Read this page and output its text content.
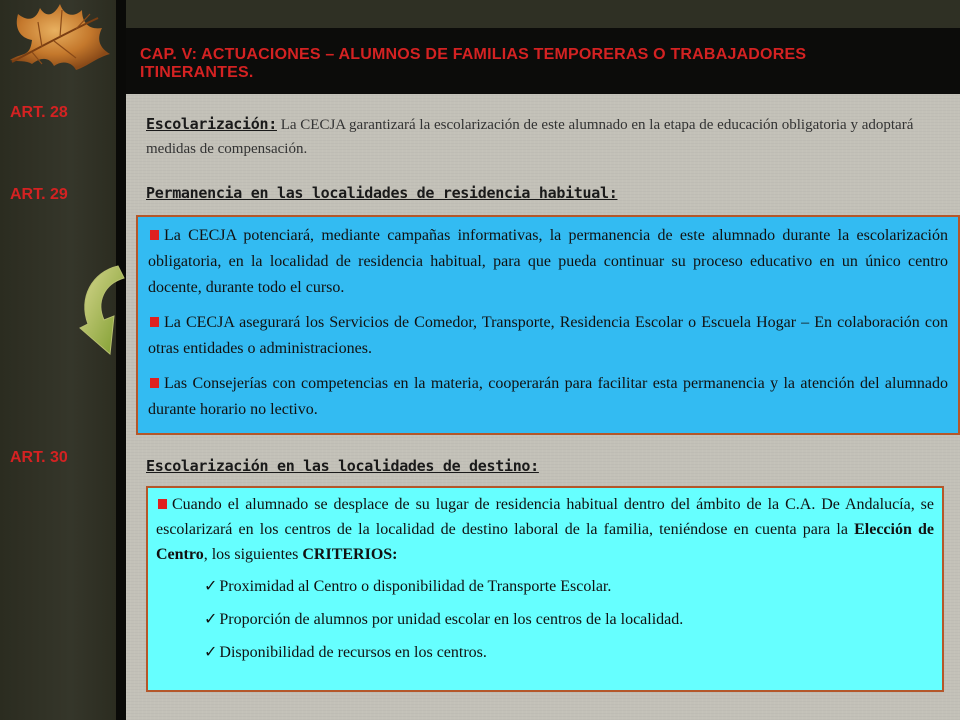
CAP. V: ACTUACIONES – ALUMNOS DE FAMILIAS TEMPORERAS O TRABAJADORES ITINERANTES.
ART. 28
ART. 29
ART. 30
Escolarización: La CECJA garantizará la escolarización de este alumnado en la etapa de educación obligatoria y adoptará medidas de compensación.
Permanencia en las localidades de residencia habitual:
La CECJA potenciará, mediante campañas informativas, la permanencia de este alumnado durante la escolarización obligatoria, en la localidad de residencia habitual, para que pueda continuar su proceso educativo en un único centro docente, durante todo el curso.
La CECJA asegurará los Servicios de Comedor, Transporte, Residencia Escolar o Escuela Hogar – En colaboración con otras entidades o administraciones.
Las Consejerías con competencias en la materia, cooperarán para facilitar esta permanencia y la atención del alumnado durante horario no lectivo.
Escolarización en las localidades de destino:
Cuando el alumnado se desplace de su lugar de residencia habitual dentro del ámbito de la C.A. De Andalucía, se escolarizará en los centros de la localidad de destino laboral de la familia, teniéndose en cuenta para la Elección de Centro, los siguientes CRITERIOS:
✓ Proximidad al Centro o disponibilidad de Transporte Escolar.
✓ Proporción de alumnos por unidad escolar en los centros de la localidad.
✓ Disponibilidad de recursos en los centros.
